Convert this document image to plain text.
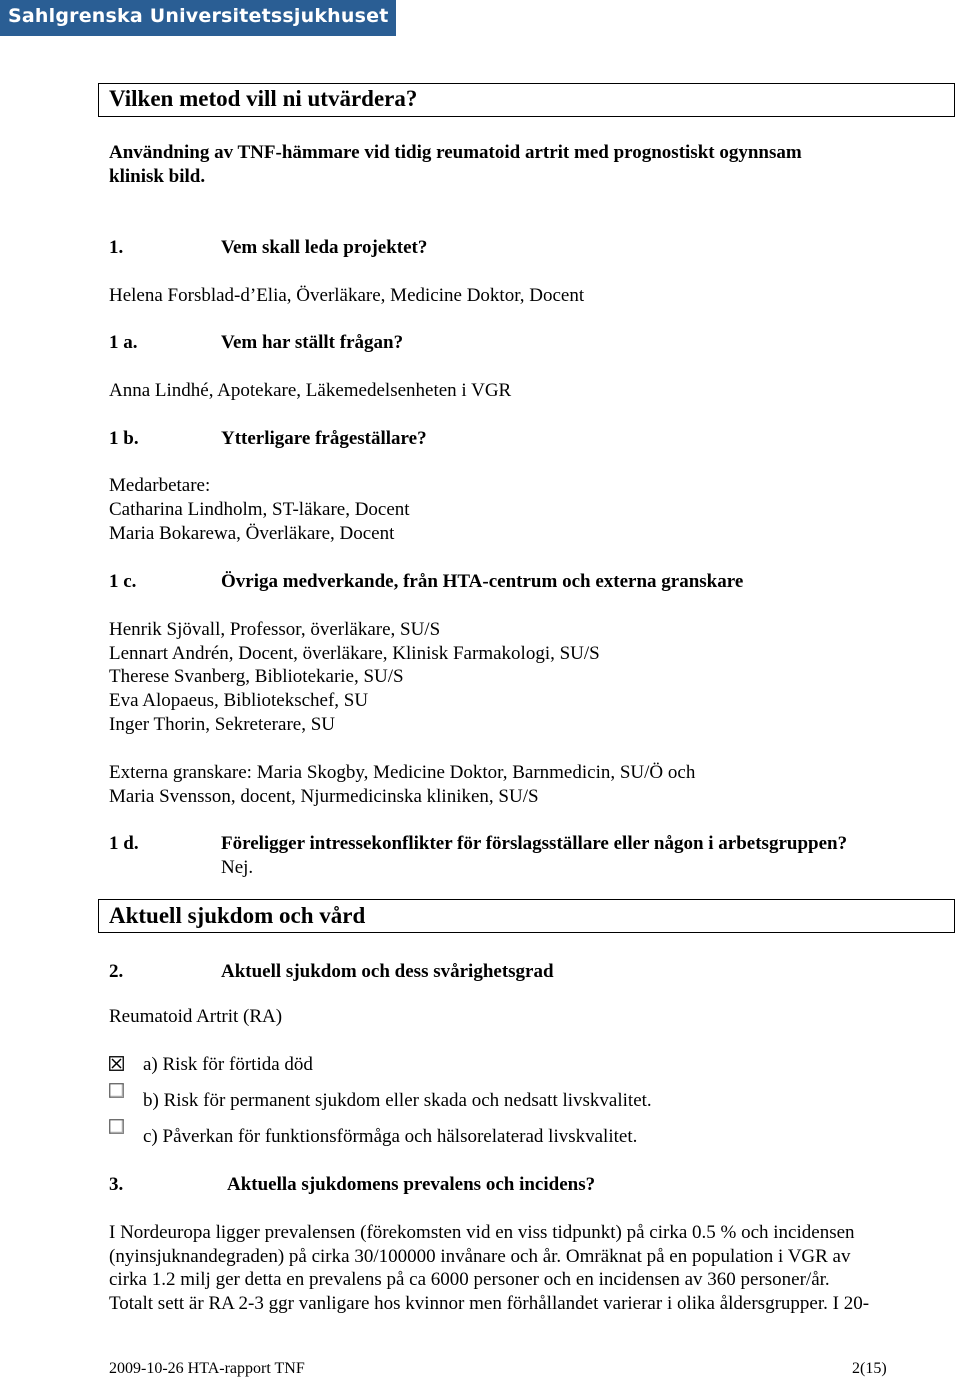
Sahlgrenska Universitetssjukhuset
Vilken metod vill ni utvärdera?
Användning av TNF-hämmare vid tidig reumatoid artrit med prognostiskt ogynnsam
klinisk bild.
1.	Vem skall leda projektet?
Helena Forsblad-d’Elia, Överläkare, Medicine Doktor, Docent
1 a.	Vem har ställt frågan?
Anna Lindhé, Apotekare, Läkemedelsenheten i VGR
1 b.	Ytterligare frågeställare?
Medarbetare:
Catharina Lindholm, ST-läkare, Docent
Maria Bokarewa, Överläkare, Docent
1 c.	Övriga medverkande, från HTA-centrum och externa granskare
Henrik Sjövall, Professor, överläkare, SU/S
Lennart Andrén, Docent, överläkare, Klinisk Farmakologi, SU/S
Therese Svanberg, Bibliotekarie, SU/S
Eva Alopaeus, Bibliotekschef, SU
Inger Thorin, Sekreterare, SU
Externa granskare: Maria Skogby, Medicine Doktor, Barnmedicin, SU/Ö och
Maria Svensson, docent, Njurmedicinska kliniken, SU/S
1 d.	Föreligger intressekonflikter för förslagsställare eller någon i arbetsgruppen?
Nej.
Aktuell sjukdom och vård
2.	Aktuell sjukdom och dess svårighetsgrad
Reumatoid Artrit (RA)
a) Risk för förtida död
b) Risk för permanent sjukdom eller skada och nedsatt livskvalitet.
c) Påverkan för funktionsförmåga och hälsorelaterad livskvalitet.
3.	Aktuella sjukdomens prevalens och incidens?
I Nordeuropa ligger prevalensen (förekomsten vid en viss tidpunkt) på cirka 0.5 % och incidensen
(nyinsjuknandegraden) på cirka 30/100000 invånare och år. Omräknat på en population i VGR av
cirka 1.2 milj ger detta en prevalens på ca 6000 personer och en incidensen av 360 personer/år.
Totalt sett är RA 2-3 ggr vanligare hos kvinnor men förhållandet varierar i olika åldersgrupper. I 20-
2009-10-26 HTA-rapport TNF	2(15)
